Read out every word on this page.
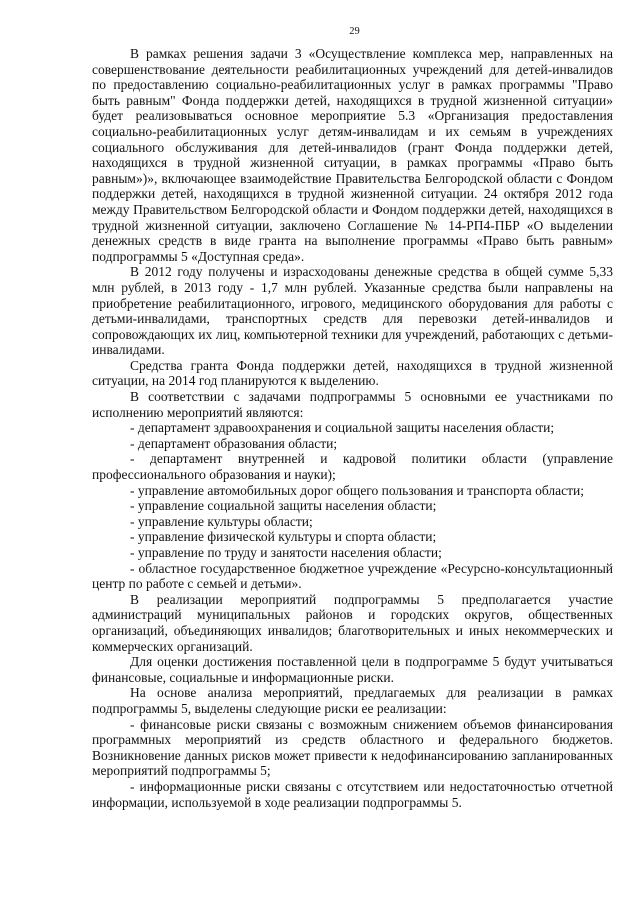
29

В рамках решения задачи 3 «Осуществление комплекса мер, направленных на совершенствование деятельности реабилитационных учреждений для детей-инвалидов по предоставлению социально-реабилитационных услуг в рамках программы "Право быть равным" Фонда поддержки детей, находящихся в трудной жизненной ситуации» будет реализовываться основное мероприятие 5.3 «Организация предоставления социально-реабилитационных услуг детям-инвалидам и их семьям в учреждениях социального обслуживания для детей-инвалидов (грант Фонда поддержки детей, находящихся в трудной жизненной ситуации, в рамках программы «Право быть равным»)», включающее взаимодействие Правительства Белгородской области с Фондом поддержки детей, находящихся в трудной жизненной ситуации. 24 октября 2012 года между Правительством Белгородской области и Фондом поддержки детей, находящихся в трудной жизненной ситуации, заключено Соглашение № 14-РП4-ПБР «О выделении денежных средств в виде гранта на выполнение программы «Право быть равным» подпрограммы 5 «Доступная среда».

В 2012 году получены и израсходованы денежные средства в общей сумме 5,33 млн рублей, в 2013 году - 1,7 млн рублей. Указанные средства были направлены на приобретение реабилитационного, игрового, медицинского оборудования для работы с детьми-инвалидами, транспортных средств для перевозки детей-инвалидов и сопровождающих их лиц, компьютерной техники для учреждений, работающих с детьми-инвалидами.

Средства гранта Фонда поддержки детей, находящихся в трудной жизненной ситуации, на 2014 год планируются к выделению.

В соответствии с задачами подпрограммы 5 основными ее участниками по исполнению мероприятий являются:

- департамент здравоохранения и социальной защиты населения области;

- департамент образования области;

- департамент внутренней и кадровой политики области (управление профессионального образования и науки);

- управление автомобильных дорог общего пользования и транспорта области;

- управление социальной защиты населения области;

- управление культуры области;

- управление физической культуры и спорта области;

- управление по труду и занятости населения области;

- областное государственное бюджетное учреждение «Ресурсно-консультационный центр по работе с семьей и детьми».

В реализации мероприятий подпрограммы 5 предполагается участие администраций муниципальных районов и городских округов, общественных организаций, объединяющих инвалидов; благотворительных и иных некоммерческих и коммерческих организаций.

Для оценки достижения поставленной цели в подпрограмме 5 будут учитываться финансовые, социальные и информационные риски.

На основе анализа мероприятий, предлагаемых для реализации в рамках подпрограммы 5, выделены следующие риски ее реализации:

- финансовые риски связаны с возможным снижением объемов финансирования программных мероприятий из средств областного и федерального бюджетов. Возникновение данных рисков может привести к недофинансированию запланированных мероприятий подпрограммы 5;

- информационные риски связаны с отсутствием или недостаточностью отчетной информации, используемой в ходе реализации подпрограммы 5.
